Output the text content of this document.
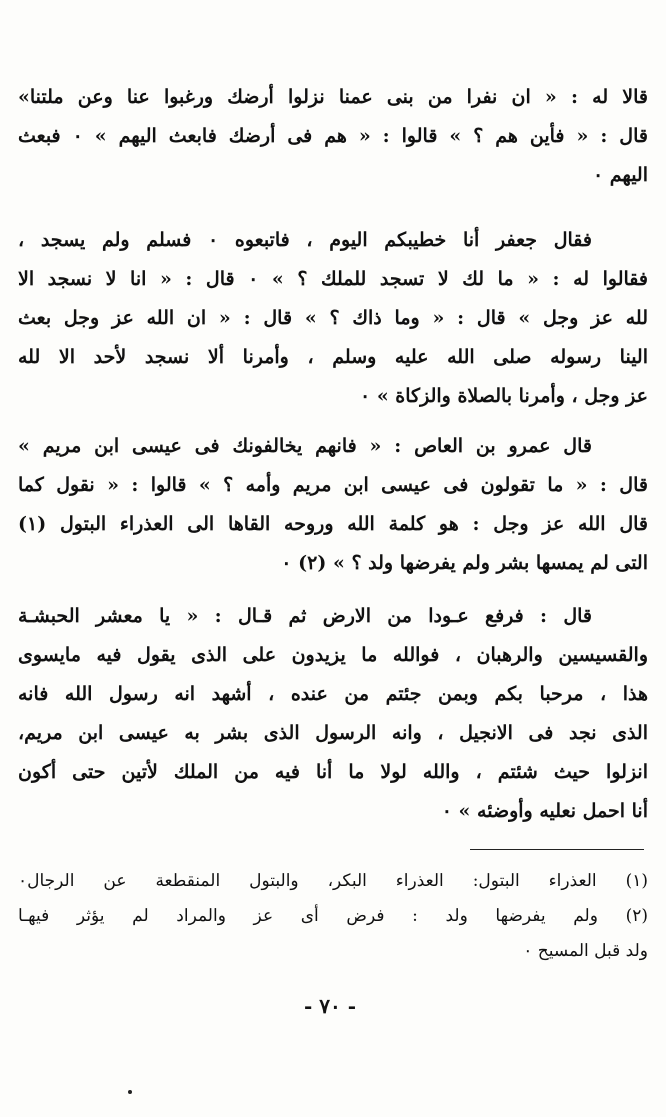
قالا له : « ان نفرا من بنى عمنا نزلوا أرضك ورغبوا عنا وعن ملتنا»
قال : « فأين هم ؟ » قالوا : « هم فى أرضك فابعث اليهم » ٠ فبعث
اليهم ٠
فقال جعفر أنا خطيبكم اليوم ، فاتبعوه ٠ فسلم ولم يسجد ،
فقالوا له : « ما لك لا تسجد للملك ؟ » ٠ قال : « انا لا نسجد الا
لله عز وجل » قال : « وما ذاك ؟ » قال : « ان الله عز وجل بعث
الينا رسوله صلى الله عليه وسلم ، وأمرنا ألا نسجد لأحد الا لله
عز وجل ، وأمرنا بالصلاة والزكاة » ٠
قال عمرو بن العاص : « فانهم يخالفونك فى عيسى ابن مريم »
قال : « ما تقولون فى عيسى ابن مريم وأمه ؟ » قالوا : « نقول كما
قال الله عز وجل : هو كلمة الله وروحه القاها الى العذراء البتول (١)
التى لم يمسها بشر ولم يفرضها ولد ؟ » (٢) ٠
قال : فرفع عـودا من الارض ثم قـال : « يا معشر الحبشـة
والقسيسين والرهبان ، فوالله ما يزيدون على الذى يقول فيه مايسوى
هذا ، مرحبا بكم وبمن جئتم من عنده ، أشهد انه رسول الله فانه
الذى نجد فى الانجيل ، وانه الرسول الذى بشر به عيسى ابن مريم،
انزلوا حيث شئتم ، والله لولا ما أنا فيه من الملك لأتين حتى أكون
أنا احمل نعليه وأوضئه » ٠
(١) العذراء البتول: العذراء البكر، والبتول المنقطعة عن الرجال٠
(٢) ولم يفرضها ولد : فرض أى عز والمراد لم يؤثر فيهـا
ولد قبل المسيح ٠
- ٧٠ -
